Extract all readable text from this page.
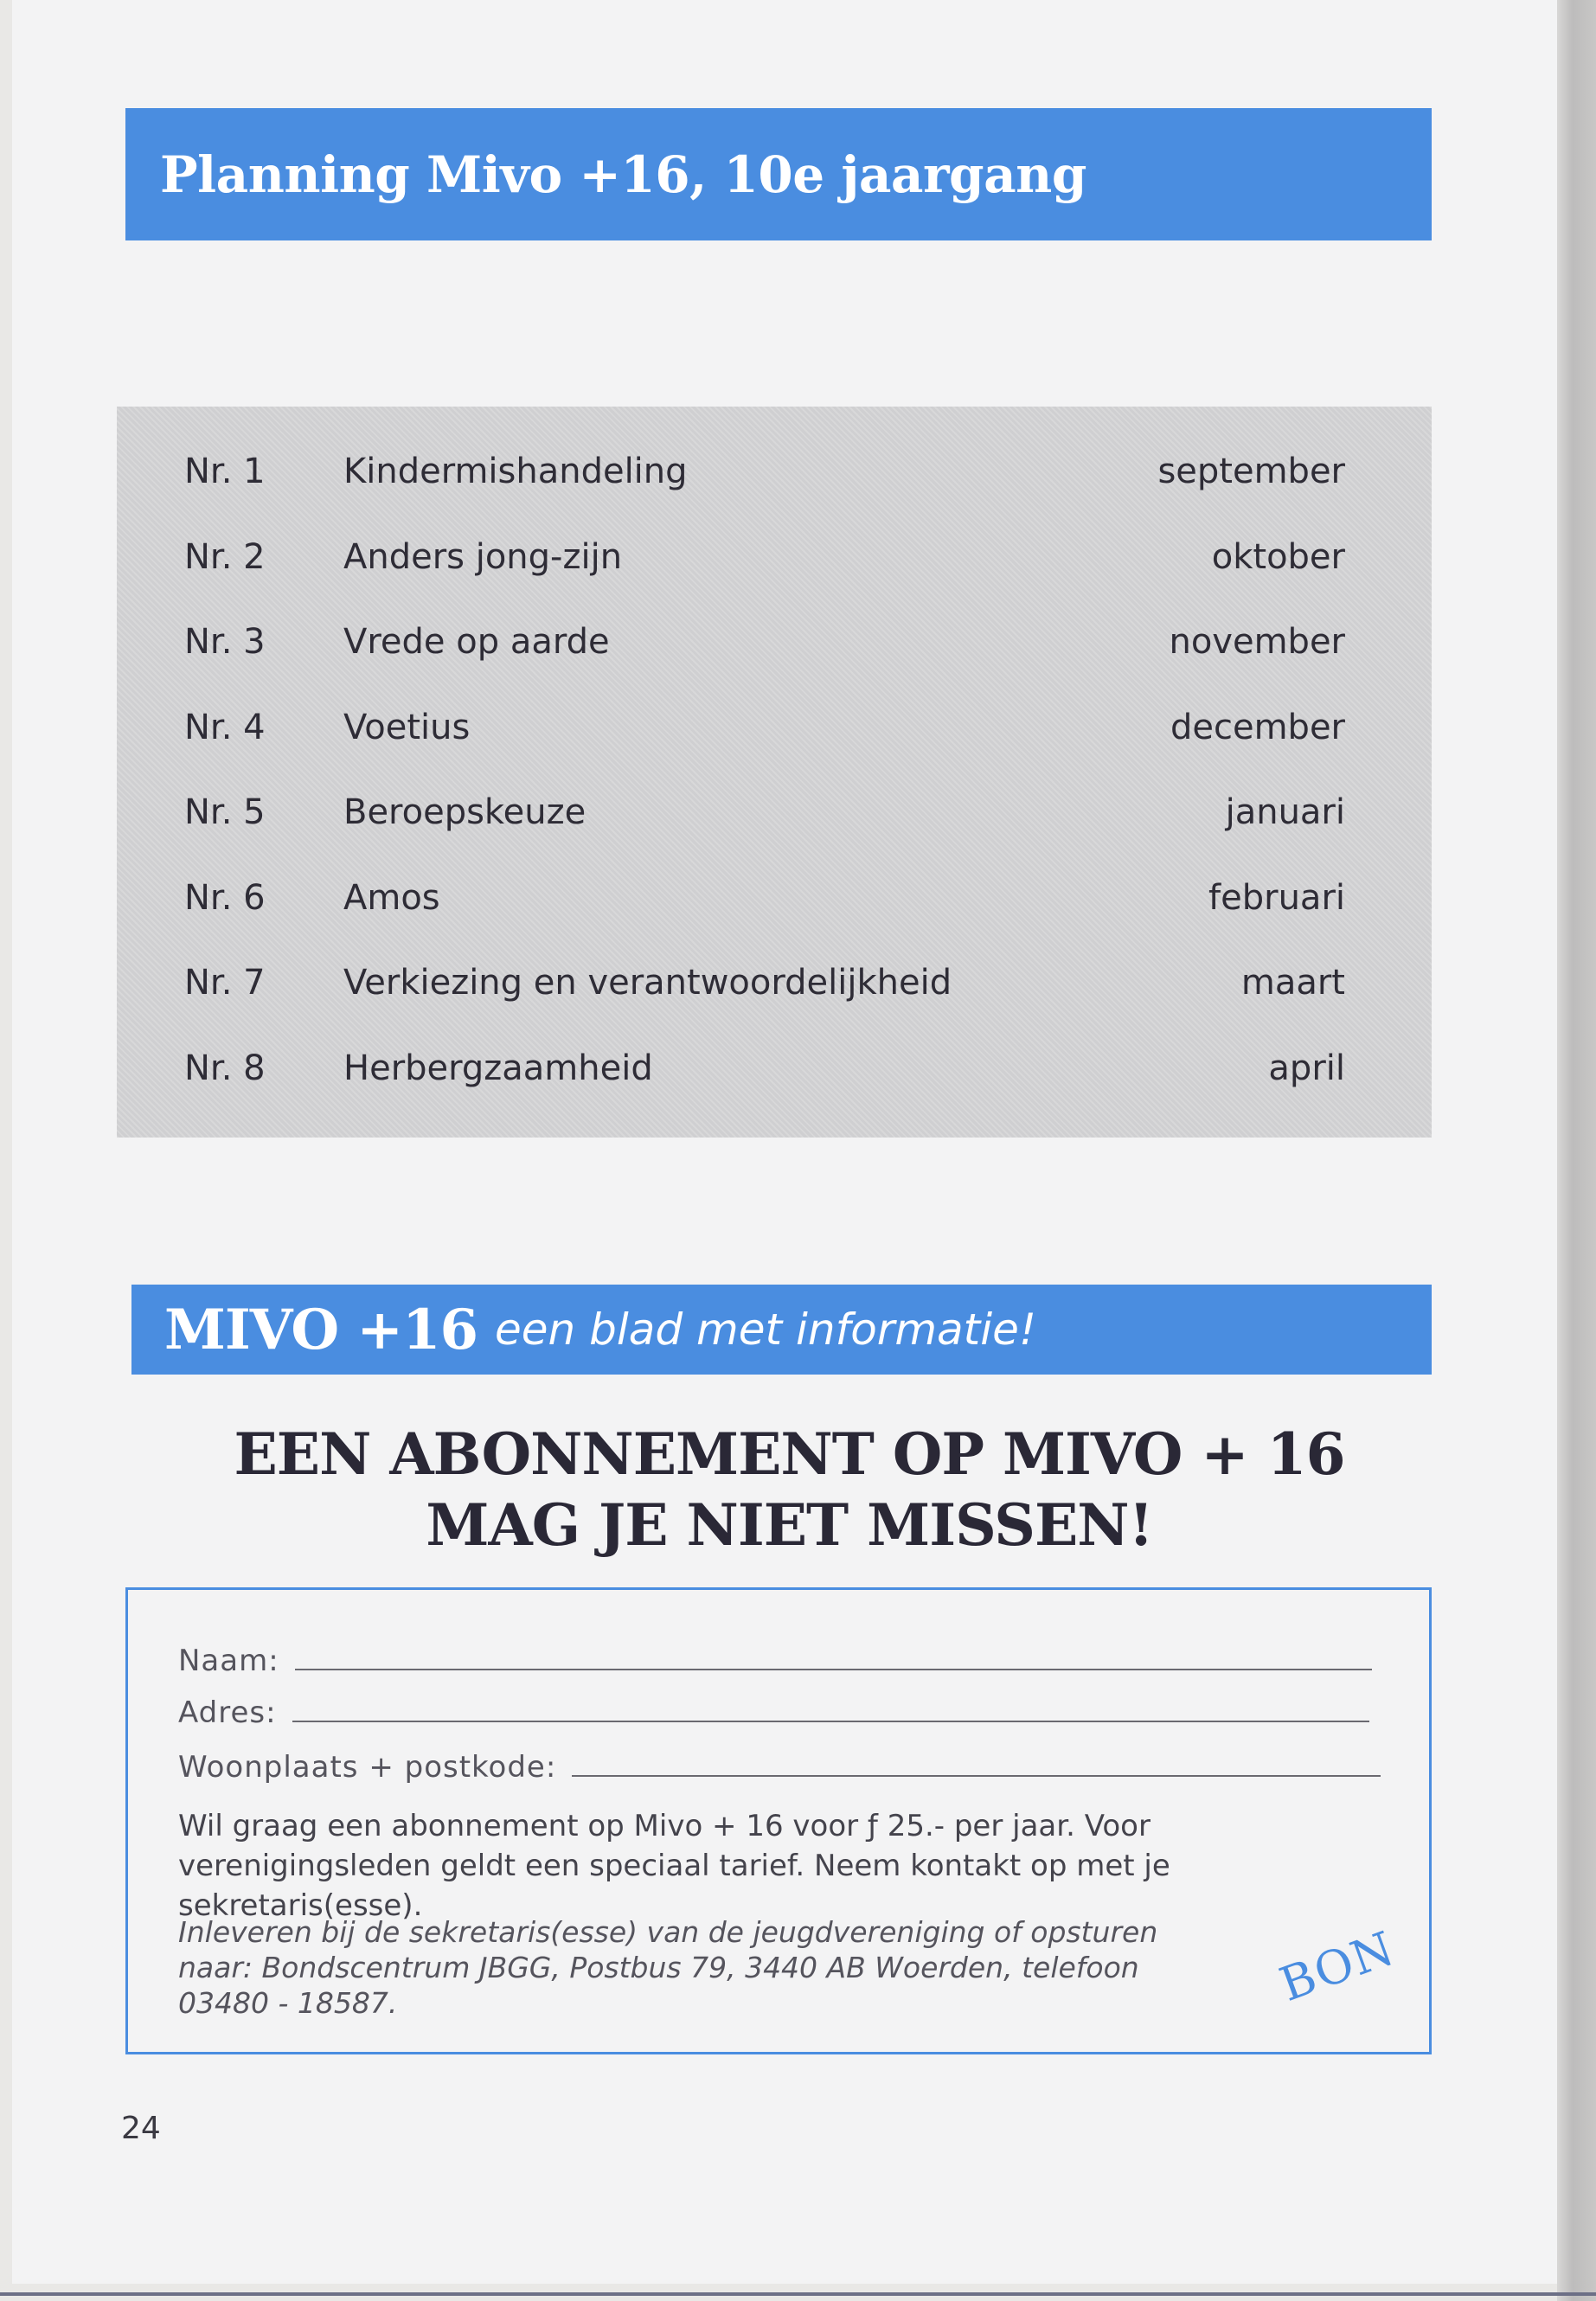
Planning Mivo +16, 10e jaargang
Nr. 1 Kindermishandeling	september
Nr. 2 Anders jong-zijn	oktober
Nr. 3 Vrede op aarde	november
Nr. 4 Voetius	december
Nr. 5 Beroepskeuze	januari
Nr. 6 Amos	februari
Nr. 7 Verkiezing en verantwoordelijkheid	maart
Nr. 8 Herbergzaamheid	april
MIVO +16 een blad met informatie!
EEN ABONNEMENT OP MIVO + 16
MAG JE NIET MISSEN!
Naam:
Adres:
Woonplaats + postkode:
Wil graag een abonnement op Mivo + 16 voor ƒ 25.- per jaar. Voor verenigingsleden geldt een speciaal tarief. Neem kontakt op met je sekretaris(esse).
Inleveren bij de sekretaris(esse) van de jeugdvereniging of opsturen naar: Bondscentrum JBGG, Postbus 79, 3440 AB Woerden, telefoon 03480 - 18587.	BON
24
